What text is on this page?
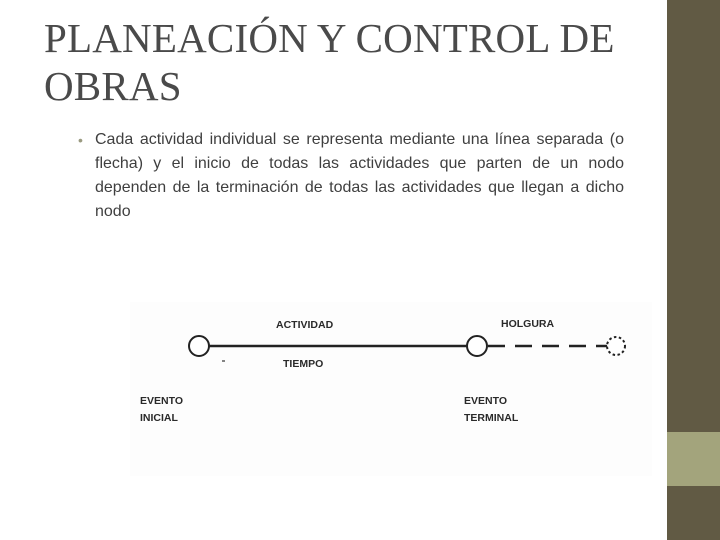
PLANEACIÓN Y CONTROL DE OBRAS
• Cada actividad individual se representa mediante una línea separada (o flecha) y el inicio de todas las actividades que parten de un nodo dependen de la terminación de todas las actividades que llegan a dicho nodo
ACTIVIDAD
TIEMPO
HOLGURA
EVENTO
INICIAL
EVENTO
TERMINAL
